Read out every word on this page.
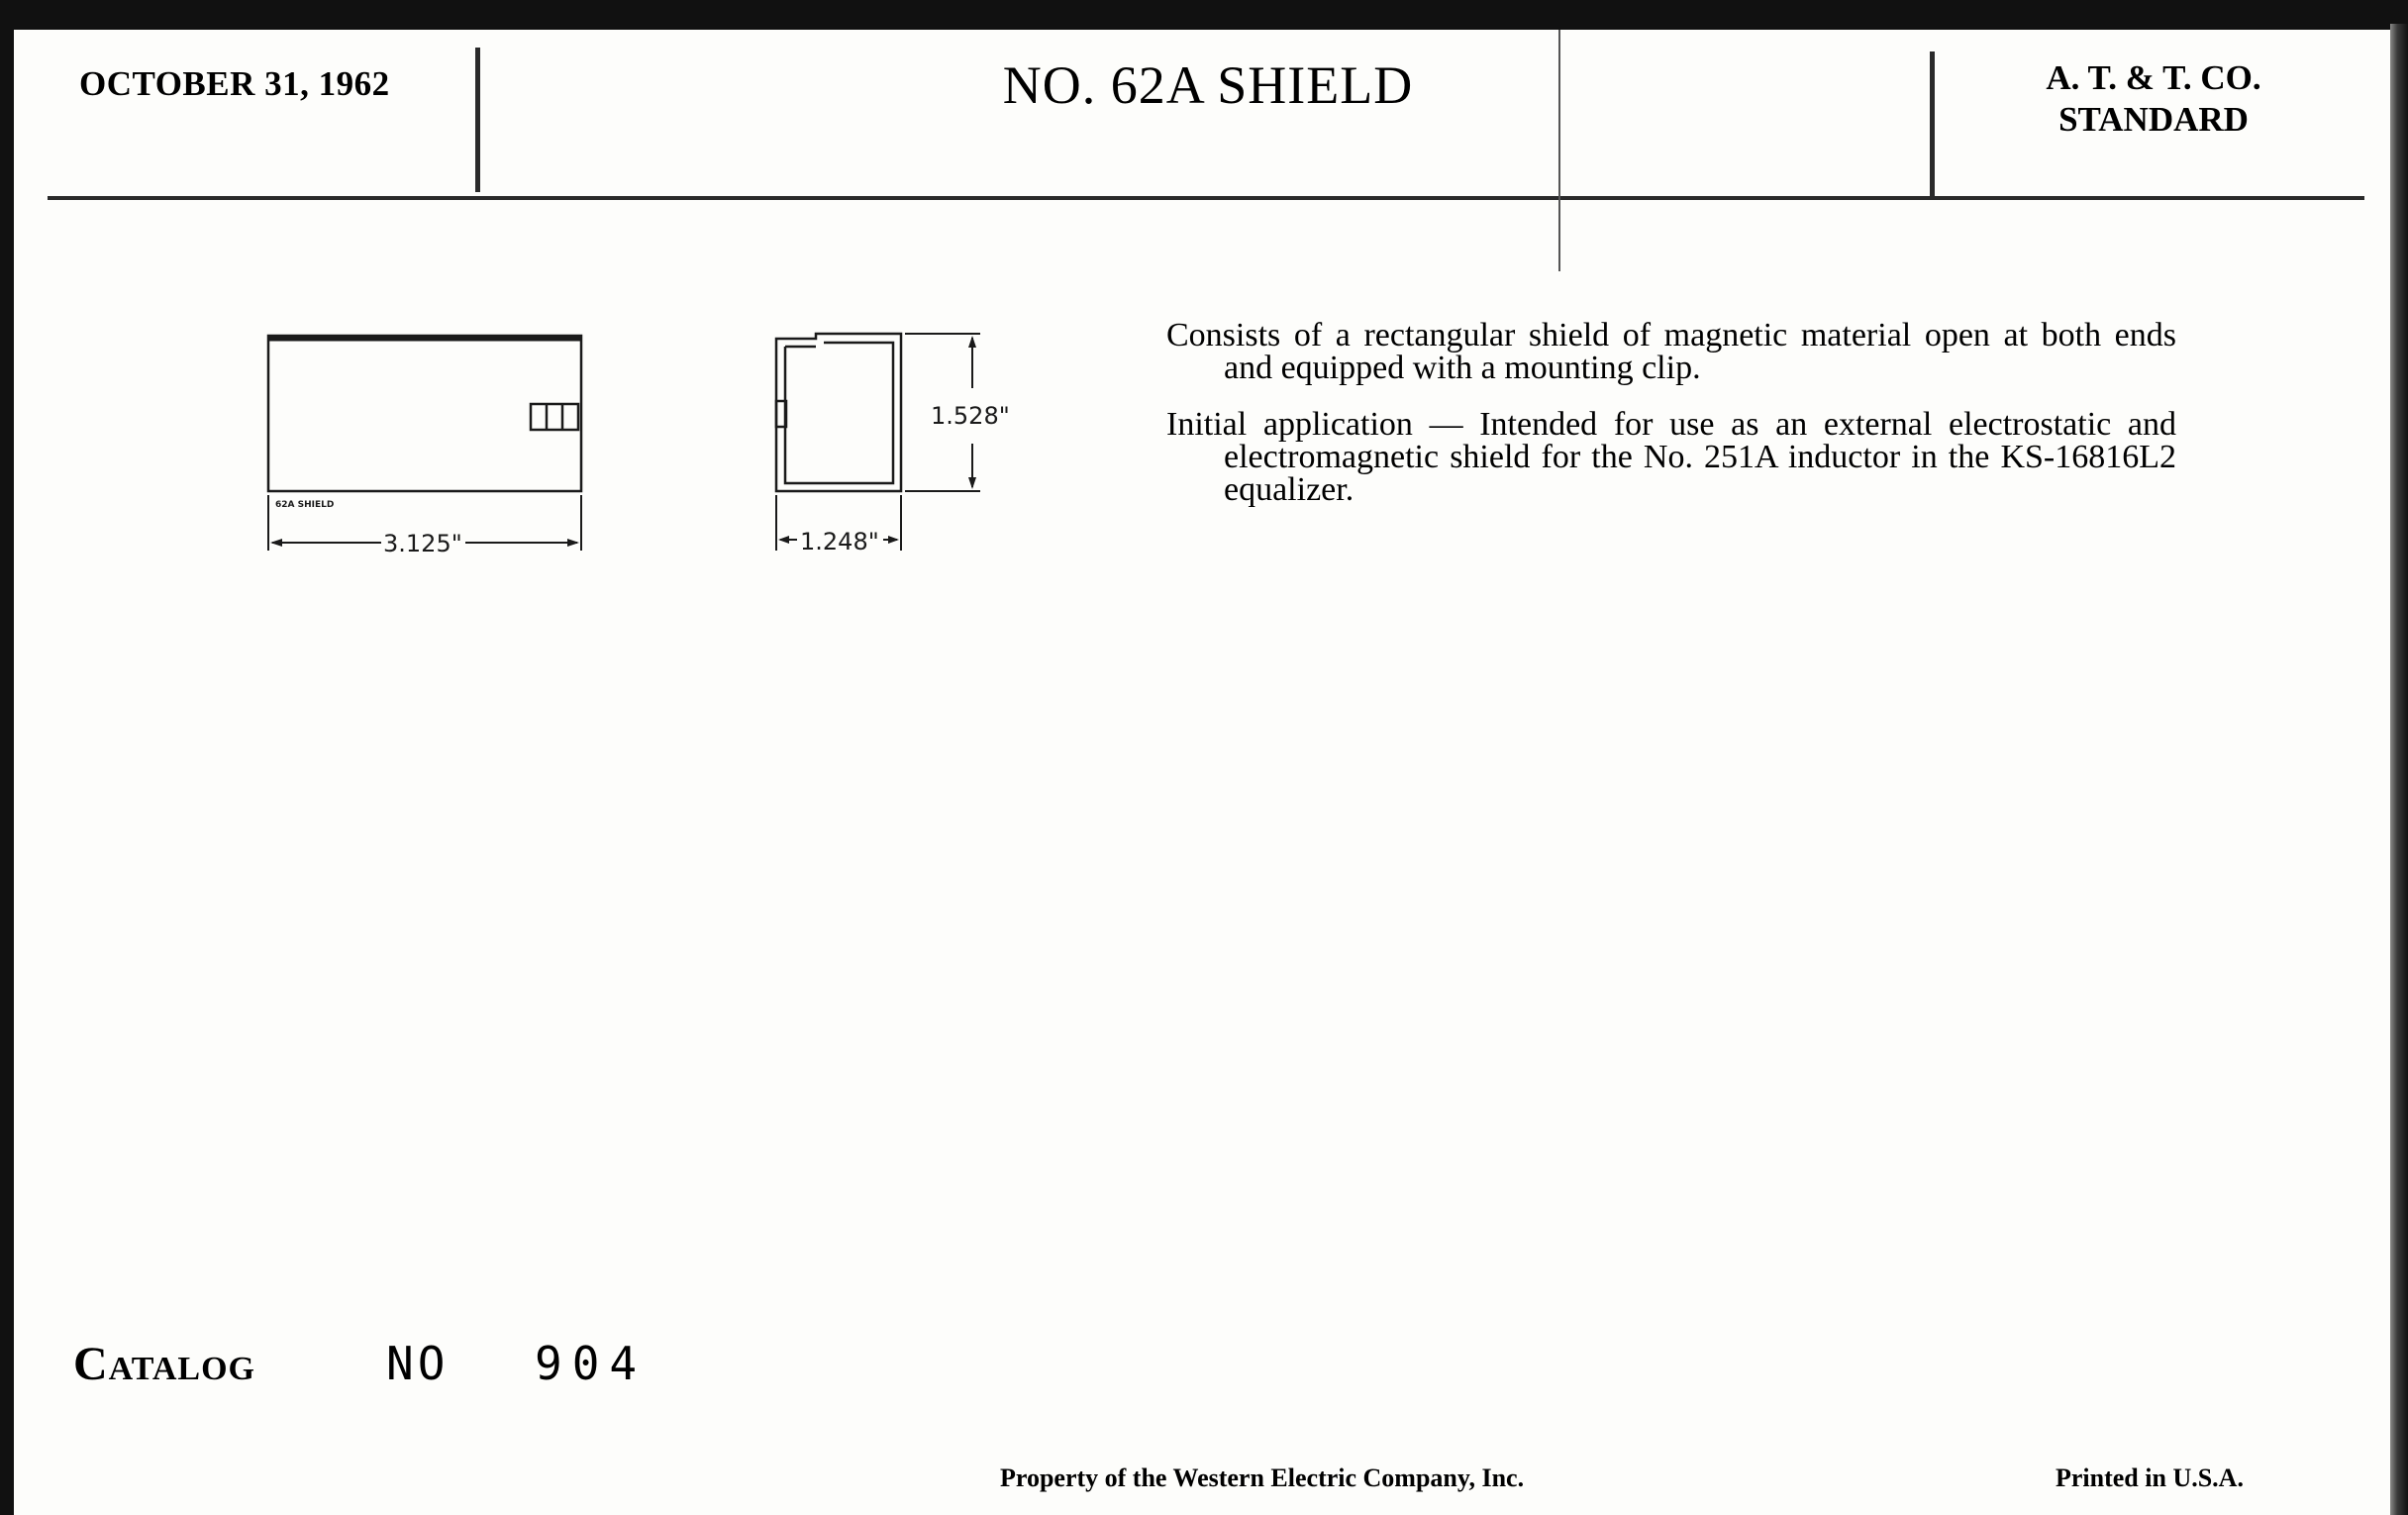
OCTOBER 31, 1962	NO. 62A SHIELD	A. T. & T. CO.
STANDARD
62A SHIELD
3.125"	1.248"
1.528"

Consists of a rectangular shield of magnetic material open at both ends and equipped with a mounting clip.

Initial application — Intended for use as an external electrostatic and electromagnetic shield for the No. 251A inductor in the KS-16816L2 equalizer.

Catalog	NO 904
Property of the Western Electric Company, Inc.	Printed in U.S.A.
